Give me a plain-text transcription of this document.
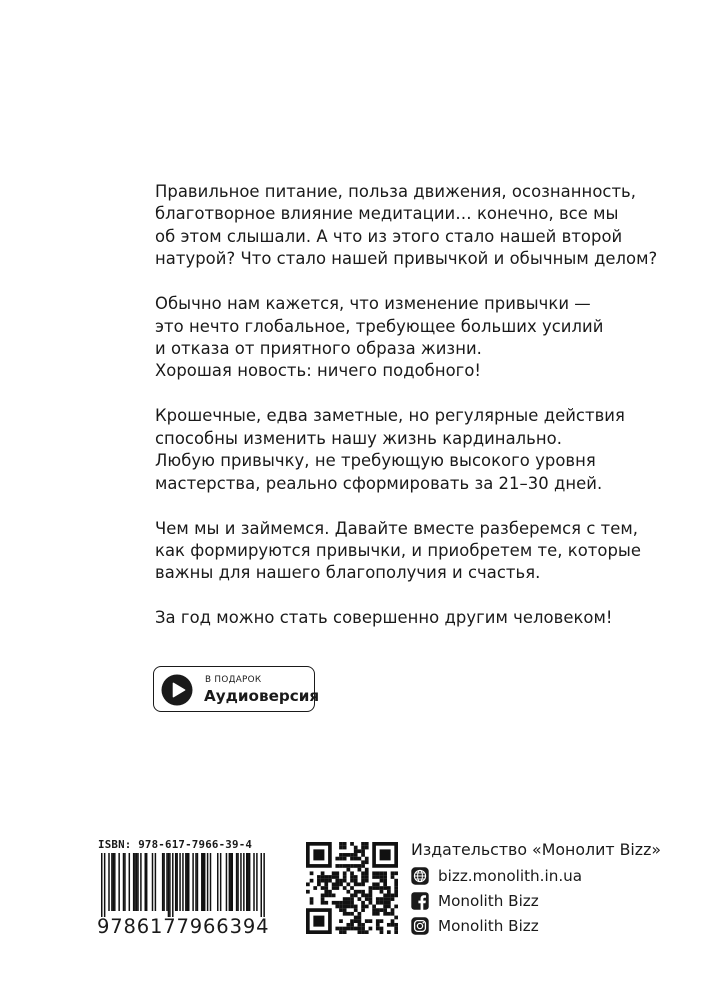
Правильное питание, польза движения, осознанность,
благотворное влияние медитации… конечно, все мы
об этом слышали. А что из этого стало нашей второй
натурой? Что стало нашей привычкой и обычным делом?

Обычно нам кажется, что изменение привычки —
это нечто глобальное, требующее больших усилий
и отказа от приятного образа жизни.
Хорошая новость: ничего подобного!

Крошечные, едва заметные, но регулярные действия
способны изменить нашу жизнь кардинально.
Любую привычку, не требующую высокого уровня
мастерства, реально сформировать за 21–30 дней.

Чем мы и займемся. Давайте вместе разберемся с тем,
как формируются привычки, и приобретем те, которые
важны для нашего благополучия и счастья.

За год можно стать совершенно другим человеком!

В ПОДАРОК
Аудиоверсия
ISBN: 978-617-7966-39-4
9786177966394
Издательство «Монолит Bizz»
bizz.monolith.in.ua
Monolith Bizz
Monolith Bizz
